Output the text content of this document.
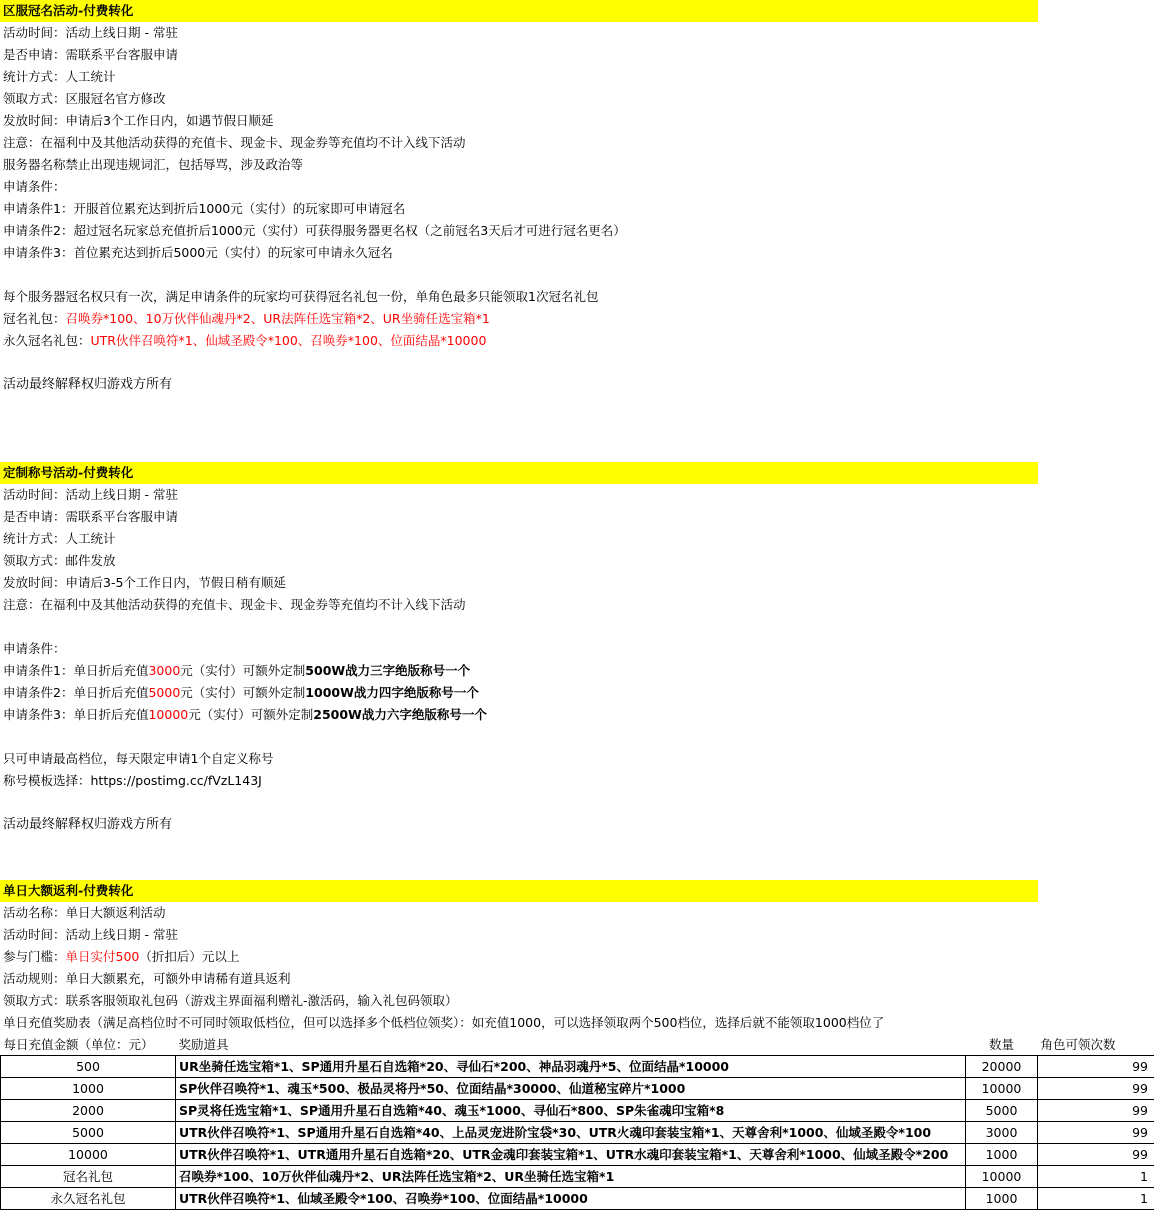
区服冠名活动-付费转化
活动时间：活动上线日期 - 常驻
是否申请：需联系平台客服申请
统计方式：人工统计
领取方式：区服冠名官方修改
发放时间：申请后3个工作日内，如遇节假日顺延
注意：在福利中及其他活动获得的充值卡、现金卡、现金券等充值均不计入线下活动
服务器名称禁止出现违规词汇，包括辱骂，涉及政治等
申请条件：
申请条件1：开服首位累充达到折后1000元（实付）的玩家即可申请冠名
申请条件2：超过冠名玩家总充值折后1000元（实付）可获得服务器更名权（之前冠名3天后才可进行冠名更名）
申请条件3：首位累充达到折后5000元（实付）的玩家可申请永久冠名
每个服务器冠名权只有一次，满足申请条件的玩家均可获得冠名礼包一份，单角色最多只能领取1次冠名礼包
冠名礼包：召唤券*100、10万伙伴仙魂丹*2、UR法阵任选宝箱*2、UR坐骑任选宝箱*1
永久冠名礼包：UTR伙伴召唤符*1、仙域圣殿令*100、召唤券*100、位面结晶*10000
活动最终解释权归游戏方所有
定制称号活动-付费转化
活动时间：活动上线日期 - 常驻
是否申请：需联系平台客服申请
统计方式：人工统计
领取方式：邮件发放
发放时间：申请后3-5个工作日内，节假日稍有顺延
注意：在福利中及其他活动获得的充值卡、现金卡、现金券等充值均不计入线下活动
申请条件：
申请条件1：单日折后充值3000元（实付）可额外定制500W战力三字绝版称号一个
申请条件2：单日折后充值5000元（实付）可额外定制1000W战力四字绝版称号一个
申请条件3：单日折后充值10000元（实付）可额外定制2500W战力六字绝版称号一个
只可申请最高档位，每天限定申请1个自定义称号
称号模板选择：https://postimg.cc/fVzL143J
活动最终解释权归游戏方所有
单日大额返利-付费转化
活动名称：单日大额返利活动
活动时间：活动上线日期 - 常驻
参与门槛：单日实付500（折扣后）元以上
活动规则：单日大额累充，可额外申请稀有道具返利
领取方式：联系客服领取礼包码（游戏主界面福利赠礼-激活码，输入礼包码领取）
单日充值奖励表（满足高档位时不可同时领取低档位，但可以选择多个低档位领奖）：如充值1000，可以选择领取两个500档位，选择后就不能领取1000档位了
每日充值金额（单位：元）	奖励道具	数量	角色可领次数
500	UR坐骑任选宝箱*1、SP通用升星石自选箱*20、寻仙石*200、神品羽魂丹*5、位面结晶*10000	20000	99
1000	SP伙伴召唤符*1、魂玉*500、极品灵将丹*50、位面结晶*30000、仙道秘宝碎片*1000	10000	99
2000	SP灵将任选宝箱*1、SP通用升星石自选箱*40、魂玉*1000、寻仙石*800、SP朱雀魂印宝箱*8	5000	99
5000	UTR伙伴召唤符*1、SP通用升星石自选箱*40、上品灵宠进阶宝袋*30、UTR火魂印套装宝箱*1、天尊舍利*1000、仙域圣殿令*100	3000	99
10000	UTR伙伴召唤符*1、UTR通用升星石自选箱*20、UTR金魂印套装宝箱*1、UTR水魂印套装宝箱*1、天尊舍利*1000、仙域圣殿令*200	1000	99
冠名礼包	召唤券*100、10万伙伴仙魂丹*2、UR法阵任选宝箱*2、UR坐骑任选宝箱*1	10000	1
永久冠名礼包	UTR伙伴召唤符*1、仙域圣殿令*100、召唤券*100、位面结晶*10000	1000	1
